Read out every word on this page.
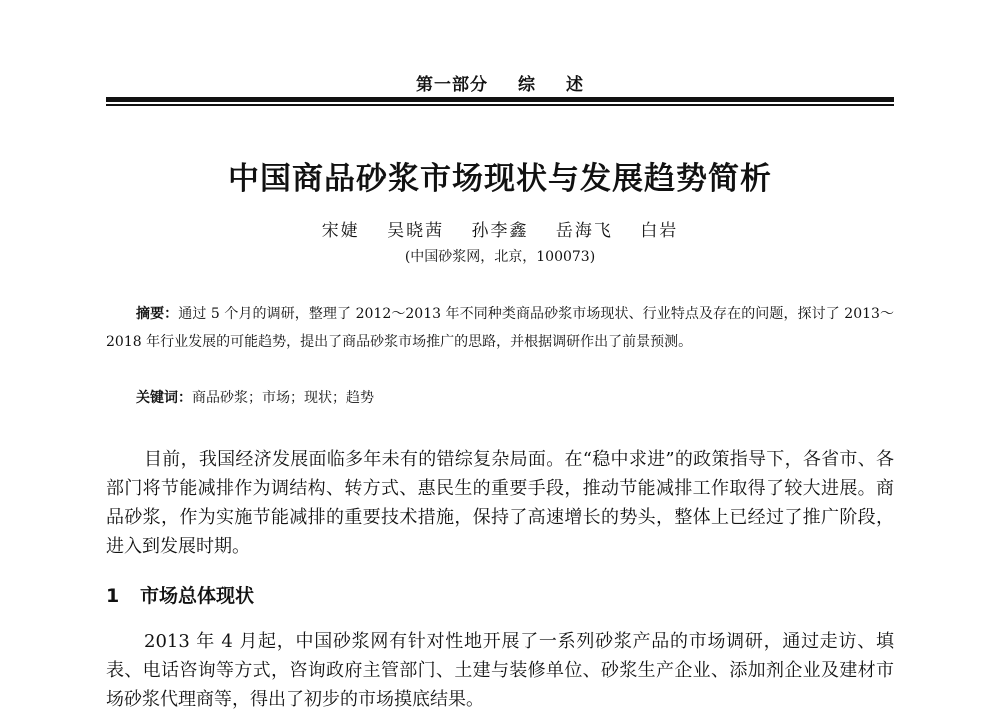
第一部分 综 述
中国商品砂浆市场现状与发展趋势简析
宋婕 吴晓茜 孙李鑫 岳海飞 白岩
(中国砂浆网，北京，100073)
摘要：通过 5 个月的调研，整理了 2012～2013 年不同种类商品砂浆市场现状、行业特点及存在的问题，探讨了 2013～2018 年行业发展的可能趋势，提出了商品砂浆市场推广的思路，并根据调研作出了前景预测。
关键词：商品砂浆；市场；现状；趋势
目前，我国经济发展面临多年未有的错综复杂局面。在“稳中求进”的政策指导下，各省市、各部门将节能减排作为调结构、转方式、惠民生的重要手段，推动节能减排工作取得了较大进展。商品砂浆，作为实施节能减排的重要技术措施，保持了高速增长的势头，整体上已经过了推广阶段，进入到发展时期。
1 市场总体现状
2013 年 4 月起，中国砂浆网有针对性地开展了一系列砂浆产品的市场调研，通过走访、填表、电话咨询等方式，咨询政府主管部门、土建与装修单位、砂浆生产企业、添加剂企业及建材市场砂浆代理商等，得出了初步的市场摸底结果。
